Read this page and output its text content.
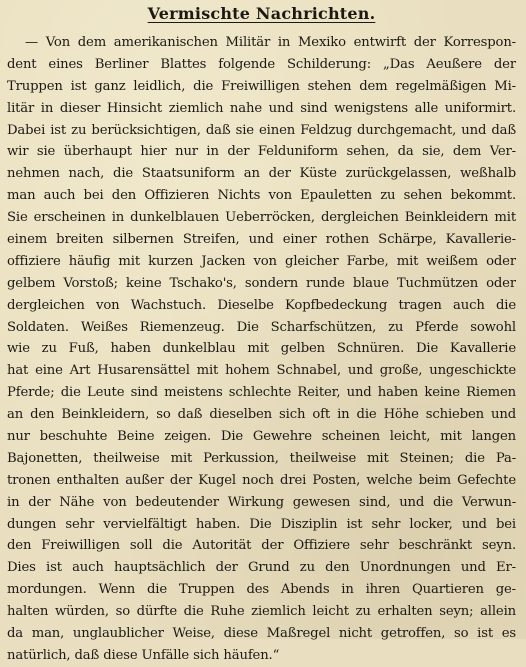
Vermischte Nachrichten.
— Von dem amerikanischen Militär in Mexiko entwirft der Korrespon-
dent eines Berliner Blattes folgende Schilderung: „Das Aeußere der
Truppen ist ganz leidlich, die Freiwilligen stehen dem regelmäßigen Mi-
litär in dieser Hinsicht ziemlich nahe und sind wenigstens alle uniformirt.
Dabei ist zu berücksichtigen, daß sie einen Feldzug durchgemacht, und daß
wir sie überhaupt hier nur in der Felduniform sehen, da sie, dem Ver-
nehmen nach, die Staatsuniform an der Küste zurückgelassen, weßhalb
man auch bei den Offizieren Nichts von Epauletten zu sehen bekommt.
Sie erscheinen in dunkelblauen Ueberröcken, dergleichen Beinkleidern mit
einem breiten silbernen Streifen, und einer rothen Schärpe, Kavallerie-
offiziere häufig mit kurzen Jacken von gleicher Farbe, mit weißem oder
gelbem Vorstoß; keine Tschako's, sondern runde blaue Tuchmützen oder
dergleichen von Wachstuch. Dieselbe Kopfbedeckung tragen auch die
Soldaten. Weißes Riemenzeug. Die Scharfschützen, zu Pferde sowohl
wie zu Fuß, haben dunkelblau mit gelben Schnüren. Die Kavallerie
hat eine Art Husarensättel mit hohem Schnabel, und große, ungeschickte
Pferde; die Leute sind meistens schlechte Reiter, und haben keine Riemen
an den Beinkleidern, so daß dieselben sich oft in die Höhe schieben und
nur beschuhte Beine zeigen. Die Gewehre scheinen leicht, mit langen
Bajonetten, theilweise mit Perkussion, theilweise mit Steinen; die Pa-
tronen enthalten außer der Kugel noch drei Posten, welche beim Gefechte
in der Nähe von bedeutender Wirkung gewesen sind, und die Verwun-
dungen sehr vervielfältigt haben. Die Disziplin ist sehr locker, und bei
den Freiwilligen soll die Autorität der Offiziere sehr beschränkt seyn.
Dies ist auch hauptsächlich der Grund zu den Unordnungen und Er-
mordungen. Wenn die Truppen des Abends in ihren Quartieren ge-
halten würden, so dürfte die Ruhe ziemlich leicht zu erhalten seyn; allein
da man, unglaublicher Weise, diese Maßregel nicht getroffen, so ist es
natürlich, daß diese Unfälle sich häufen.“
